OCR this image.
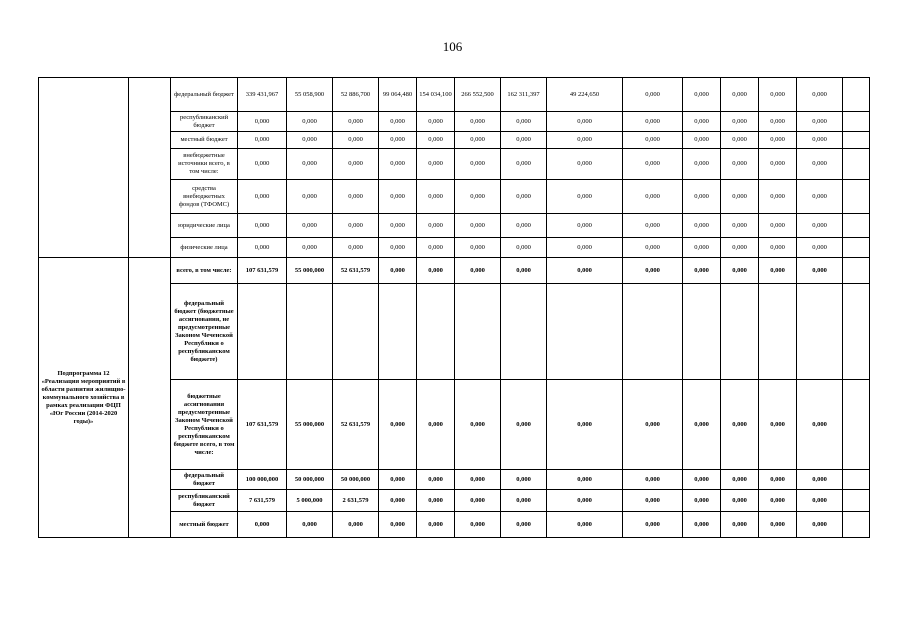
106
		федеральный бюджет	339 431,967	55 058,900	52 886,700	99 064,480	154 034,100	266 552,500	162 311,397	49 224,650	0,000	0,000	0,000	0,000	0,000	
		республиканский бюджет	0,000	0,000	0,000	0,000	0,000	0,000	0,000	0,000	0,000	0,000	0,000	0,000	0,000	
		местный бюджет	0,000	0,000	0,000	0,000	0,000	0,000	0,000	0,000	0,000	0,000	0,000	0,000	0,000	
		внебюджетные источники всего, в том числе:	0,000	0,000	0,000	0,000	0,000	0,000	0,000	0,000	0,000	0,000	0,000	0,000	0,000	
		средства внебюджетных фондов (ТФОМС)	0,000	0,000	0,000	0,000	0,000	0,000	0,000	0,000	0,000	0,000	0,000	0,000	0,000	
		юридические лица	0,000	0,000	0,000	0,000	0,000	0,000	0,000	0,000	0,000	0,000	0,000	0,000	0,000	
		физические лица	0,000	0,000	0,000	0,000	0,000	0,000	0,000	0,000	0,000	0,000	0,000	0,000	0,000	
Подпрограмма 12 «Реализация мероприятий в области развития жилищно-коммунального хозяйства в рамках реализации ФЦП «Юг России (2014-2020 годы)»		всего, в том числе:	107 631,579	55 000,000	52 631,579	0,000	0,000	0,000	0,000	0,000	0,000	0,000	0,000	0,000	0,000	
		федеральный бюджет (бюджетные ассигнования, не предусмотренные Законом Чеченской Республики о республиканском бюджете)														
		бюджетные ассигнования предусмотренные Законом Чеченской Республики о республиканском бюджете всего, в том числе:	107 631,579	55 000,000	52 631,579	0,000	0,000	0,000	0,000	0,000	0,000	0,000	0,000	0,000	0,000	
		федеральный бюджет	100 000,000	50 000,000	50 000,000	0,000	0,000	0,000	0,000	0,000	0,000	0,000	0,000	0,000	0,000	
		республиканский бюджет	7 631,579	5 000,000	2 631,579	0,000	0,000	0,000	0,000	0,000	0,000	0,000	0,000	0,000	0,000	
		местный бюджет	0,000	0,000	0,000	0,000	0,000	0,000	0,000	0,000	0,000	0,000	0,000	0,000	0,000	
